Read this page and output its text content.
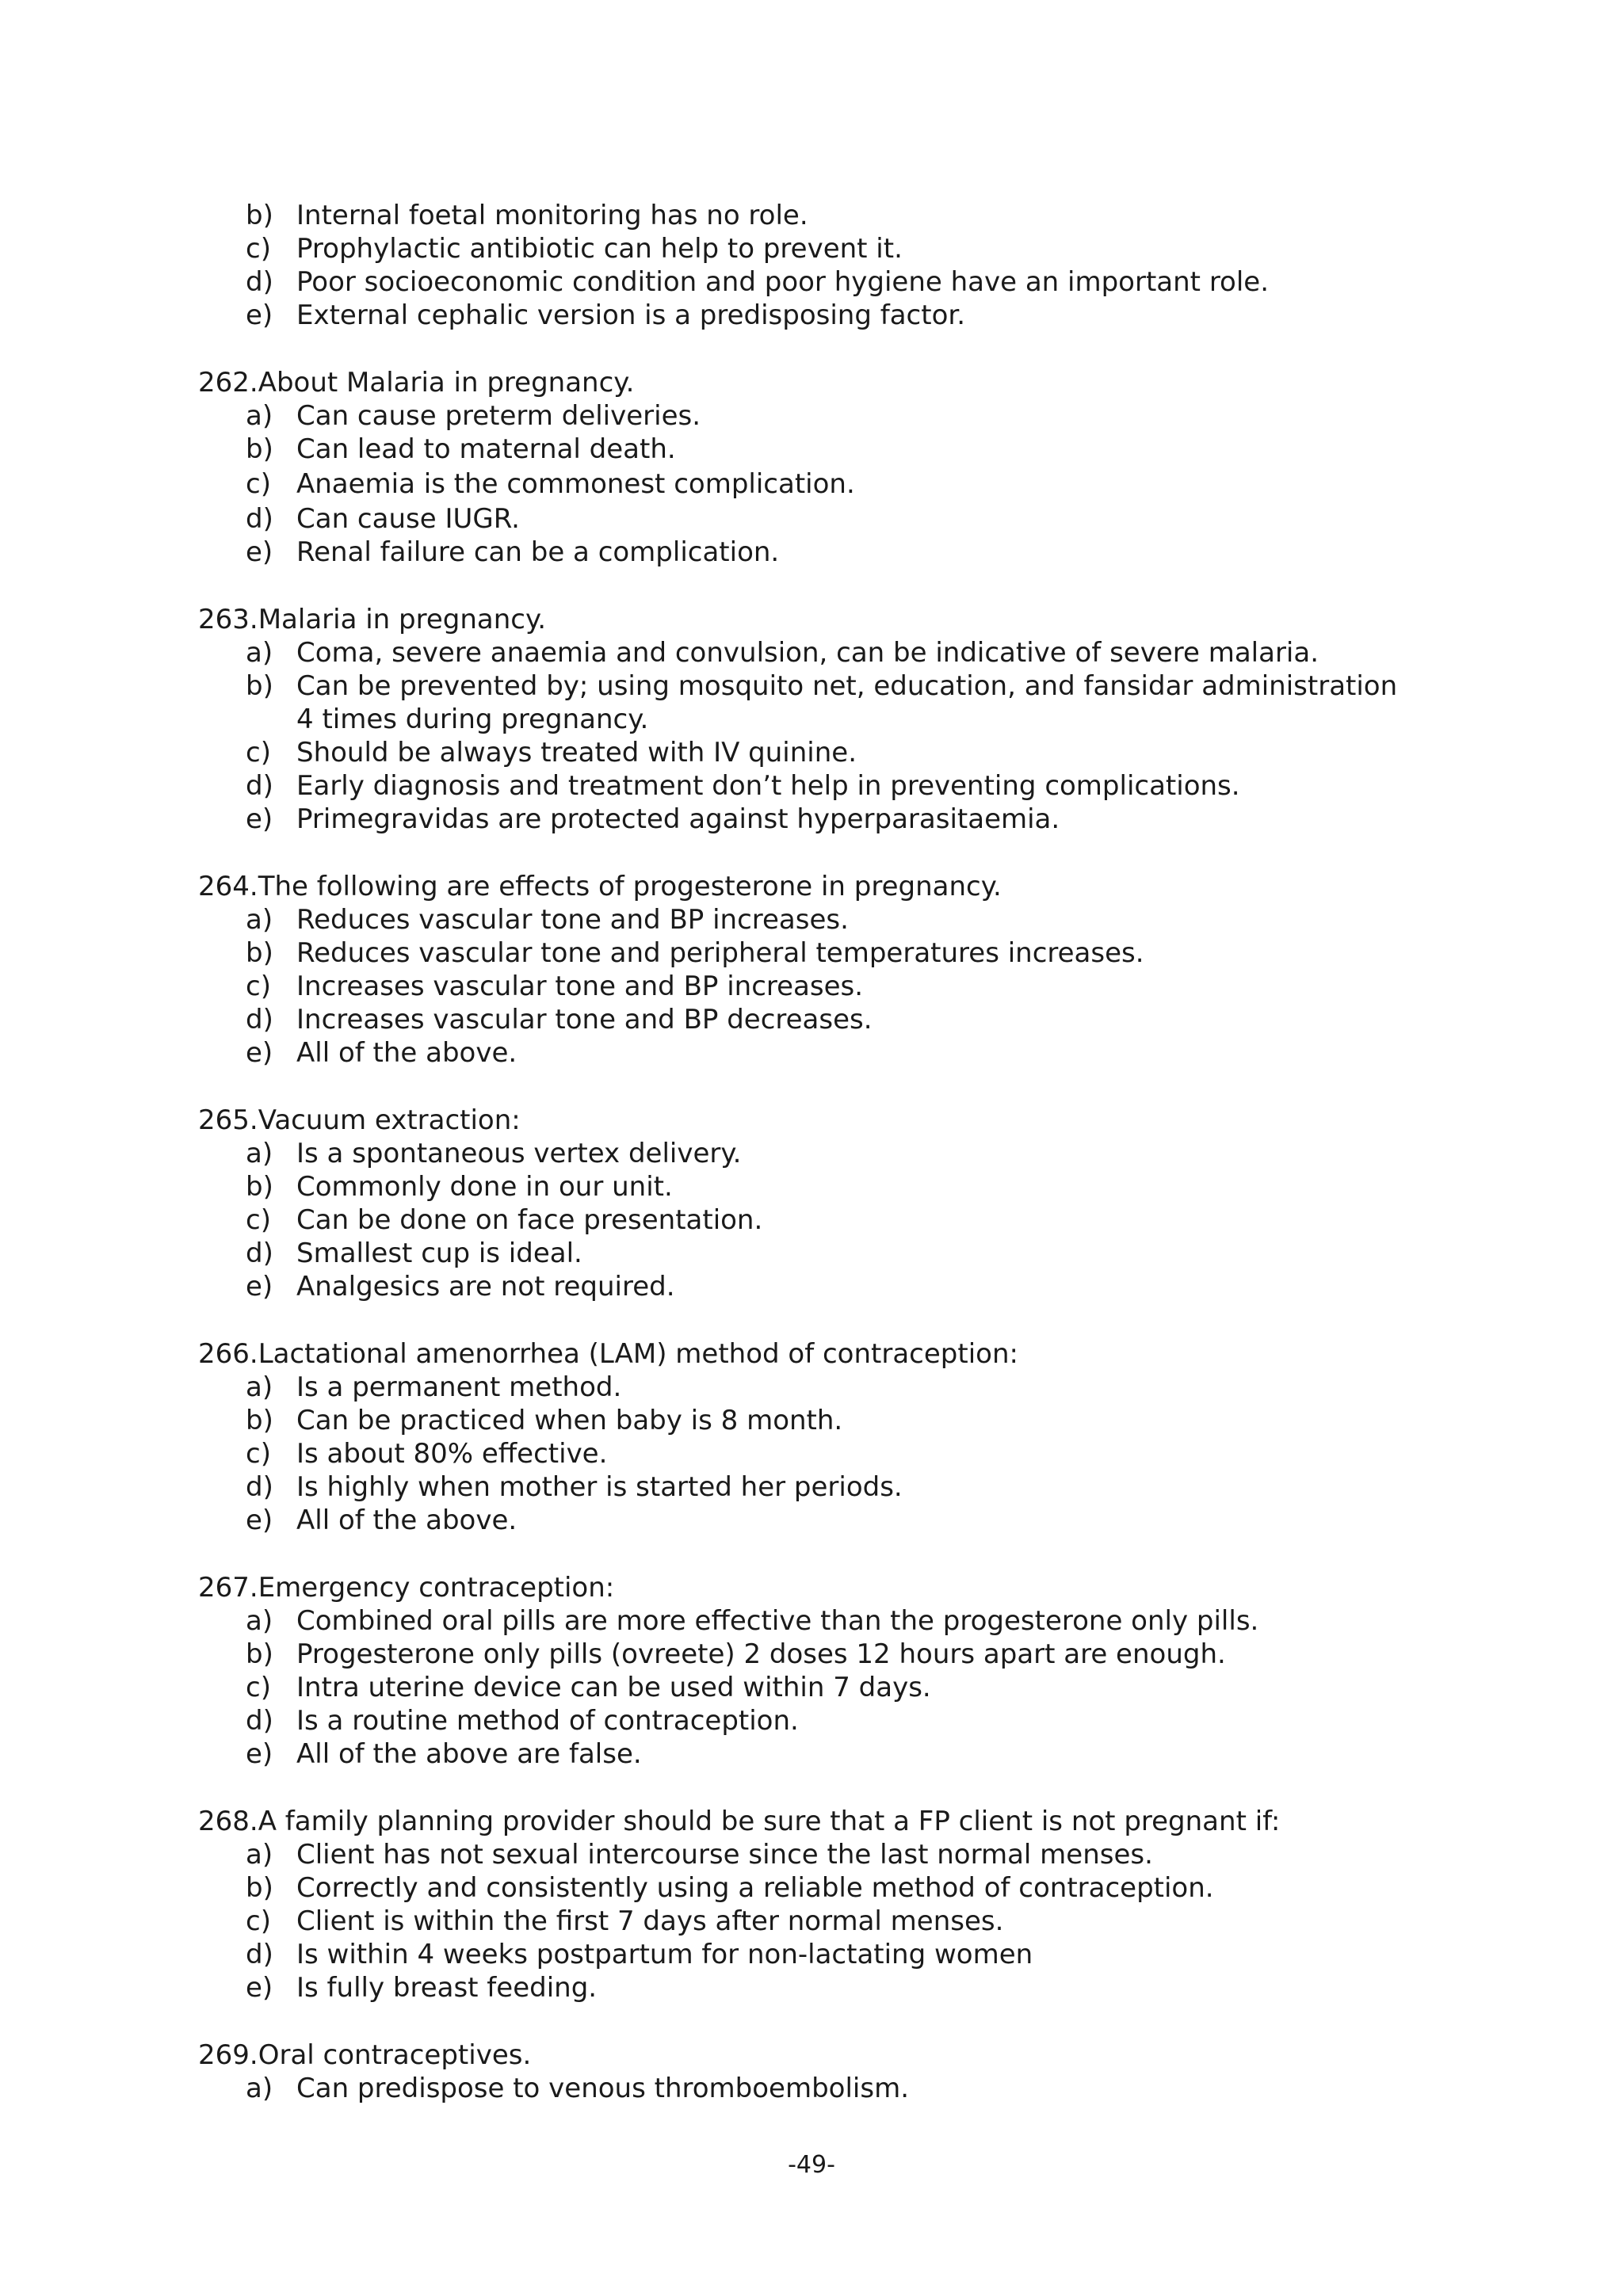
b) Internal foetal monitoring has no role.
c) Prophylactic antibiotic can help to prevent it.
d) Poor socioeconomic condition and poor hygiene have an important role.
e) External cephalic version is a predisposing factor.
262.About Malaria in pregnancy.
a) Can cause preterm deliveries.
b) Can lead to maternal death.
c) Anaemia is the commonest complication.
d) Can cause IUGR.
e) Renal failure can be a complication.
263.Malaria in pregnancy.
a) Coma, severe anaemia and convulsion, can be indicative of severe malaria.
b) Can be prevented by; using mosquito net, education, and fansidar administration
4 times during pregnancy.
c) Should be always treated with IV quinine.
d) Early diagnosis and treatment don’t help in preventing complications.
e) Primegravidas are protected against hyperparasitaemia.
264.The following are effects of progesterone in pregnancy.
a) Reduces vascular tone and BP increases.
b) Reduces vascular tone and peripheral temperatures increases.
c) Increases vascular tone and BP increases.
d) Increases vascular tone and BP decreases.
e) All of the above.
265.Vacuum extraction:
a) Is a spontaneous vertex delivery.
b) Commonly done in our unit.
c) Can be done on face presentation.
d) Smallest cup is ideal.
e) Analgesics are not required.
266.Lactational amenorrhea (LAM) method of contraception:
a) Is a permanent method.
b) Can be practiced when baby is 8 month.
c) Is about 80% effective.
d) Is highly when mother is started her periods.
e) All of the above.
267.Emergency contraception:
a) Combined oral pills are more effective than the progesterone only pills.
b) Progesterone only pills (ovreete) 2 doses 12 hours apart are enough.
c) Intra uterine device can be used within 7 days.
d) Is a routine method of contraception.
e) All of the above are false.
268.A family planning provider should be sure that a FP client is not pregnant if:
a) Client has not sexual intercourse since the last normal menses.
b) Correctly and consistently using a reliable method of contraception.
c) Client is within the first 7 days after normal menses.
d) Is within 4 weeks postpartum for non-lactating women
e) Is fully breast feeding.
269.Oral contraceptives.
a) Can predispose to venous thromboembolism.
-49-
